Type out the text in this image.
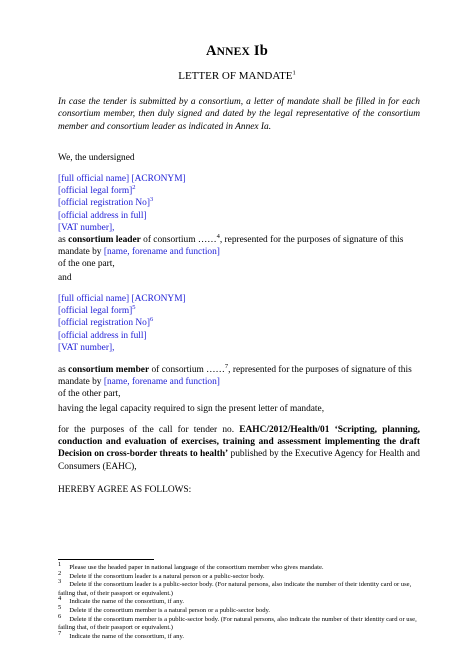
ANNEX Ib
LETTER OF MANDATE$^1$
In case the tender is submitted by a consortium, a letter of mandate shall be filled in for each consortium member, then duly signed and dated by the legal representative of the consortium member and consortium leader as indicated in Annex Ia.
We, the undersigned
[full official name] [ACRONYM]
[official legal form]$^2$
[official registration No]$^3$
[official address in full]
[VAT number],
as consortium leader of consortium ……$^4$, represented for the purposes of signature of this
mandate by [name, forename and function]
of the one part,
and
[full official name] [ACRONYM]
[official legal form]$^5$
[official registration No]$^6$
[official address in full]
[VAT number],
as consortium member of consortium ……$^7$, represented for the purposes of signature of this
mandate by [name, forename and function]
of the other part,
having the legal capacity required to sign the present letter of mandate,
for the purposes of the call for tender no. EAHC/2012/Health/01 ‘Scripting, planning, conduction and evaluation of exercises, training and assessment implementing the draft Decision on cross-border threats to health’ published by the Executive Agency for Health and Consumers (EAHC),
HEREBY AGREE AS FOLLOWS:
$^1$ Please use the headed paper in national language of the consortium member who gives mandate.
$^2$ Delete if the consortium leader is a natural person or a public-sector body.
$^3$ Delete if the consortium leader is a public-sector body. (For natural persons, also indicate the number of their identity card or use, failing that, of their passport or equivalent.)
$^4$ Indicate the name of the consortium, if any.
$^5$ Delete if the consortium member is a natural person or a public-sector body.
$^6$ Delete if the consortium member is a public-sector body. (For natural persons, also indicate the number of their identity card or use, failing that, of their passport or equivalent.)
$^7$ Indicate the name of the consortium, if any.
